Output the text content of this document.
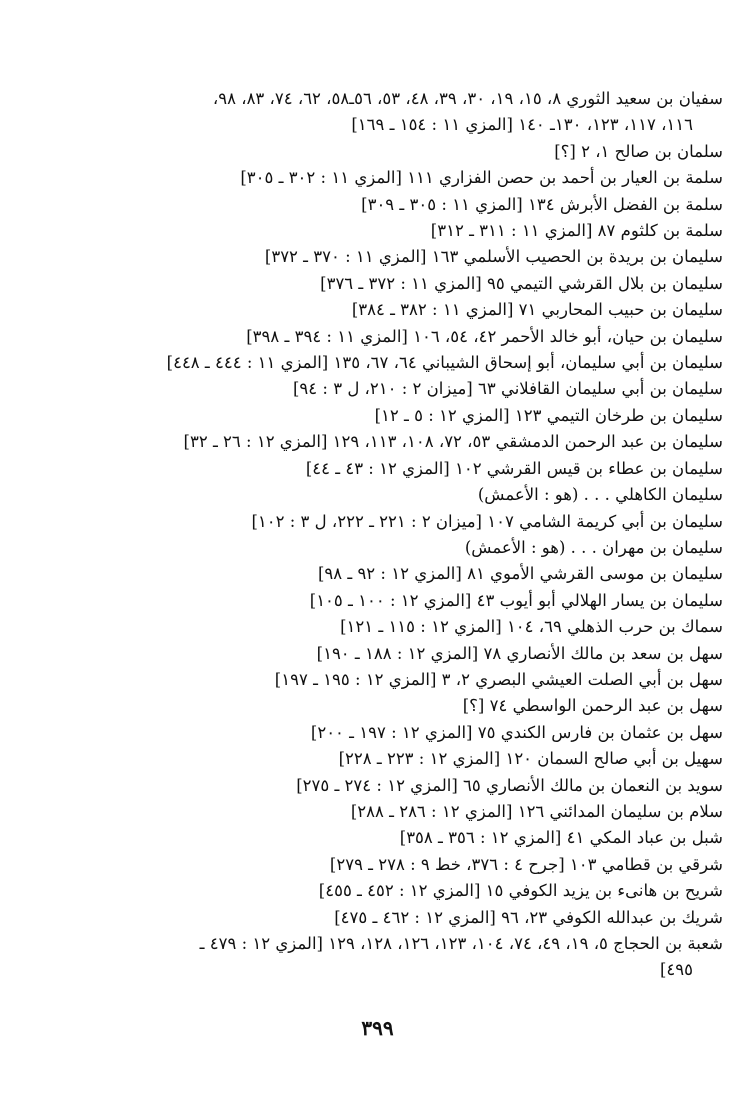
سفيان بن سعيد الثوري ٨، ١٥، ١٩، ٣٠، ٣٩، ٤٨، ٥٣، ٥٦ـ٥٨، ٦٢، ٧٤، ٨٣، ٩٨،
١١٦، ١١٧، ١٢٣، ١٣٠ـ ١٤٠ [المزي ١١ : ١٥٤ ـ ١٦٩]
سلمان بن صالح ١، ٢ [؟]
سلمة بن العيار بن أحمد بن حصن الفزاري ١١١ [المزي ١١ : ٣٠٢ ـ ٣٠٥]
سلمة بن الفضل الأبرش ١٣٤ [المزي ١١ : ٣٠٥ ـ ٣٠٩]
سلمة بن كلثوم ٨٧ [المزي ١١ : ٣١١ ـ ٣١٢]
سليمان بن بريدة بن الحصيب الأسلمي ١٦٣ [المزي ١١ : ٣٧٠ ـ ٣٧٢]
سليمان بن بلال القرشي التيمي ٩٥ [المزي ١١ : ٣٧٢ ـ ٣٧٦]
سليمان بن حبيب المحاربي ٧١ [المزي ١١ : ٣٨٢ ـ ٣٨٤]
سليمان بن حيان، أبو خالد الأحمر ٤٢، ٥٤، ١٠٦ [المزي ١١ : ٣٩٤ ـ ٣٩٨]
سليمان بن أبي سليمان، أبو إسحاق الشيباني ٦٤، ٦٧، ١٣٥ [المزي ١١ : ٤٤٤ ـ ٤٤٨]
سليمان بن أبي سليمان القافلاني ٦٣ [ميزان ٢ : ٢١٠، ل ٣ : ٩٤]
سليمان بن طرخان التيمي ١٢٣ [المزي ١٢ : ٥ ـ ١٢]
سليمان بن عبد الرحمن الدمشقي ٥٣، ٧٢، ١٠٨، ١١٣، ١٢٩ [المزي ١٢ : ٢٦ ـ ٣٢]
سليمان بن عطاء بن قيس القرشي ١٠٢ [المزي ١٢ : ٤٣ ـ ٤٤]
سليمان الكاهلي . . . (هو : الأعمش)
سليمان بن أبي كريمة الشامي ١٠٧ [ميزان ٢ : ٢٢١ ـ ٢٢٢، ل ٣ : ١٠٢]
سليمان بن مهران . . . (هو : الأعمش)
سليمان بن موسى القرشي الأموي ٨١ [المزي ١٢ : ٩٢ ـ ٩٨]
سليمان بن يسار الهلالي أبو أيوب ٤٣ [المزي ١٢ : ١٠٠ ـ ١٠٥]
سماك بن حرب الذهلي ٦٩، ١٠٤ [المزي ١٢ : ١١٥ ـ ١٢١]
سهل بن سعد بن مالك الأنصاري ٧٨ [المزي ١٢ : ١٨٨ ـ ١٩٠]
سهل بن أبي الصلت العيشي البصري ٢، ٣ [المزي ١٢ : ١٩٥ ـ ١٩٧]
سهل بن عبد الرحمن الواسطي ٧٤ [؟]
سهل بن عثمان بن فارس الكندي ٧٥ [المزي ١٢ : ١٩٧ ـ ٢٠٠]
سهيل بن أبي صالح السمان ١٢٠ [المزي ١٢ : ٢٢٣ ـ ٢٢٨]
سويد بن النعمان بن مالك الأنصاري ٦٥ [المزي ١٢ : ٢٧٤ ـ ٢٧٥]
سلام بن سليمان المدائني ١٢٦ [المزي ١٢ : ٢٨٦ ـ ٢٨٨]
شبل بن عباد المكي ٤١ [المزي ١٢ : ٣٥٦ ـ ٣٥٨]
شرقي بن قطامي ١٠٣ [جرح ٤ : ٣٧٦، خط ٩ : ٢٧٨ ـ ٢٧٩]
شريح بن هانىء بن يزيد الكوفي ١٥ [المزي ١٢ : ٤٥٢ ـ ٤٥٥]
شريك بن عبدالله الكوفي ٢٣، ٩٦ [المزي ١٢ : ٤٦٢ ـ ٤٧٥]
شعبة بن الحجاج ٥، ١٩، ٤٩، ٧٤، ١٠٤، ١٢٣، ١٢٦، ١٢٨، ١٢٩ [المزي ١٢ : ٤٧٩ ـ
٤٩٥]
٣٩٩
